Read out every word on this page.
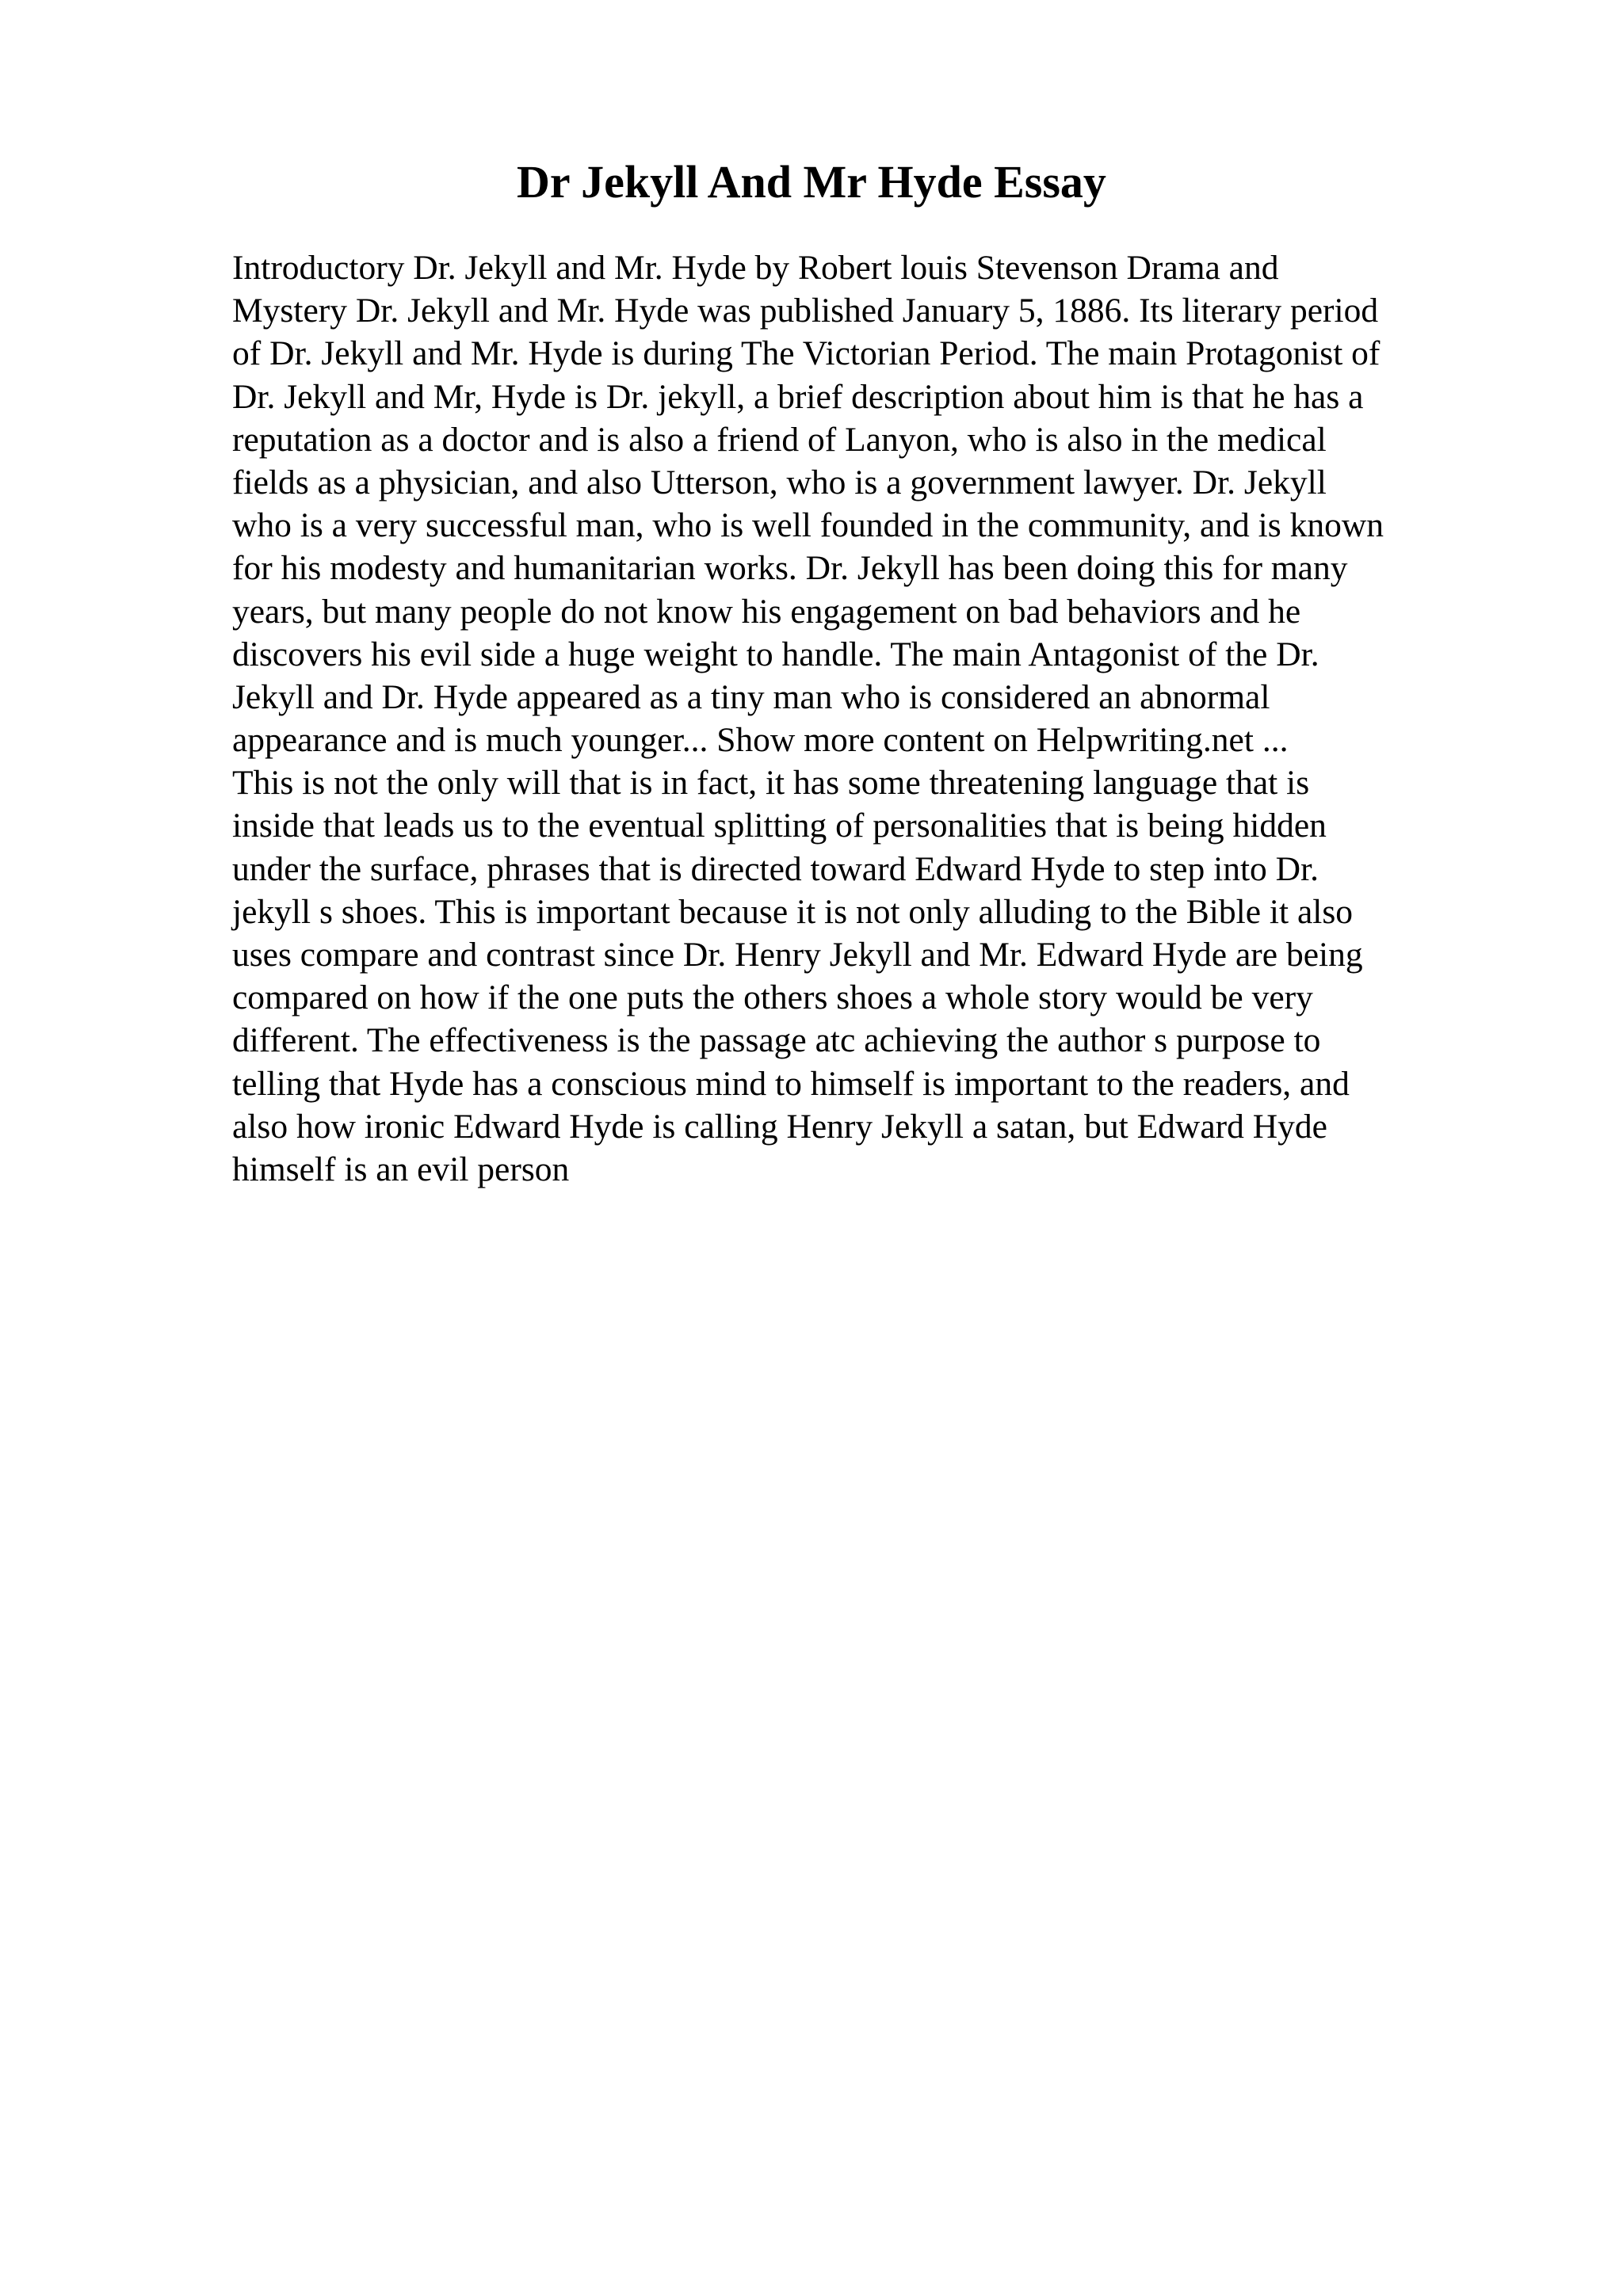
Dr Jekyll And Mr Hyde Essay
Introductory Dr. Jekyll and Mr. Hyde by Robert louis Stevenson Drama and
Mystery Dr. Jekyll and Mr. Hyde was published January 5, 1886. Its literary period
of Dr. Jekyll and Mr. Hyde is during The Victorian Period. The main Protagonist of
Dr. Jekyll and Mr, Hyde is Dr. jekyll, a brief description about him is that he has a
reputation as a doctor and is also a friend of Lanyon, who is also in the medical
fields as a physician, and also Utterson, who is a government lawyer. Dr. Jekyll
who is a very successful man, who is well founded in the community, and is known
for his modesty and humanitarian works. Dr. Jekyll has been doing this for many
years, but many people do not know his engagement on bad behaviors and he
discovers his evil side a huge weight to handle. The main Antagonist of the Dr.
Jekyll and Dr. Hyde appeared as a tiny man who is considered an abnormal
appearance and is much younger... Show more content on Helpwriting.net ...
This is not the only will that is in fact, it has some threatening language that is
inside that leads us to the eventual splitting of personalities that is being hidden
under the surface, phrases that is directed toward Edward Hyde to step into Dr.
jekyll s shoes. This is important because it is not only alluding to the Bible it also
uses compare and contrast since Dr. Henry Jekyll and Mr. Edward Hyde are being
compared on how if the one puts the others shoes a whole story would be very
different. The effectiveness is the passage atc achieving the author s purpose to
telling that Hyde has a conscious mind to himself is important to the readers, and
also how ironic Edward Hyde is calling Henry Jekyll a satan, but Edward Hyde
himself is an evil person
